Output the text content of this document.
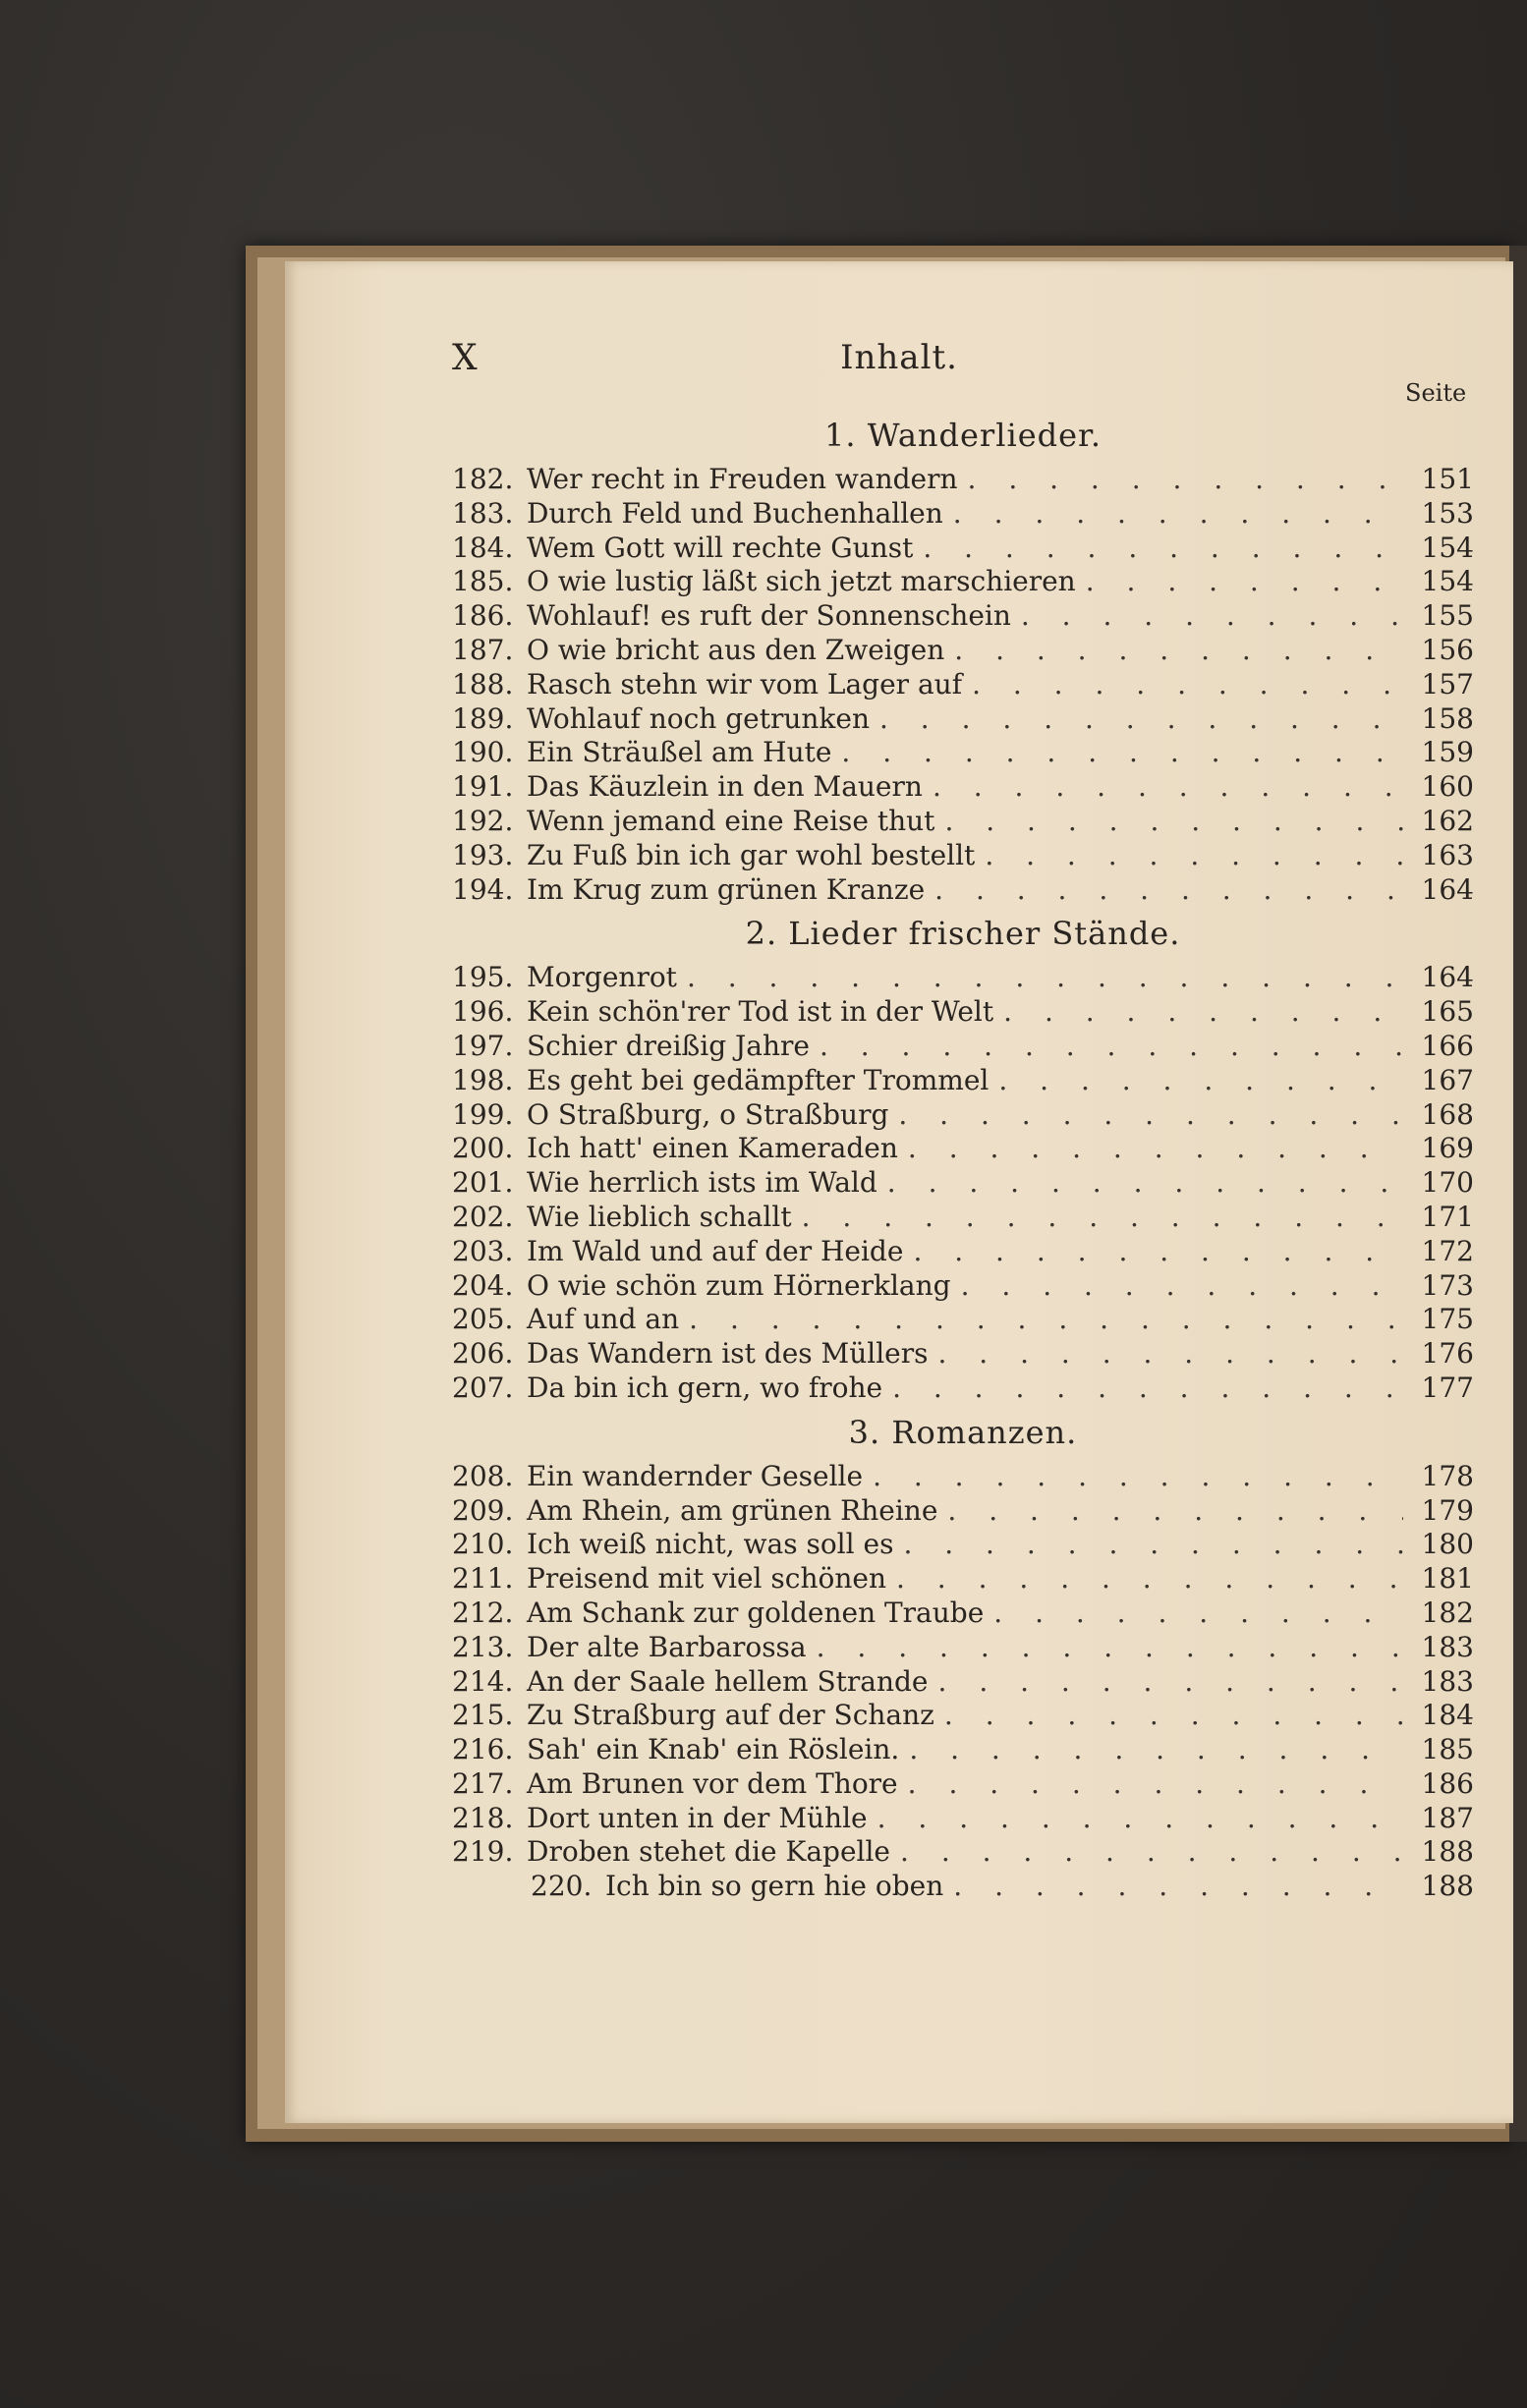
Inhalt.
X
Seite
1. Wanderlieder.
182. Wer recht in Freuden wandern . . .	151
183. Durch Feld und Buchenhallen . . .	153
184. Wem Gott will rechte Gunst . . .	154
185. O wie lustig läßt sich jetzt marschieren . . .	154
186. Wohlauf! es ruft der Sonnenschein . . .	155
187. O wie bricht aus den Zweigen . . .	156
188. Rasch stehn wir vom Lager auf . . .	157
189. Wohlauf noch getrunken . . .	158
190. Ein Sträußel am Hute . . .	159
191. Das Käuzlein in den Mauern . . .	160
192. Wenn jemand eine Reise thut . . .	162
193. Zu Fuß bin ich gar wohl bestellt . . .	163
194. Im Krug zum grünen Kranze . . .	164
2. Lieder frischer Stände.
195. Morgenrot . . .	164
196. Kein schön'rer Tod ist in der Welt . . .	165
197. Schier dreißig Jahre . . .	166
198. Es geht bei gedämpfter Trommel . . .	167
199. O Straßburg, o Straßburg . . .	168
200. Ich hatt' einen Kameraden . . .	169
201. Wie herrlich ists im Wald . . .	170
202. Wie lieblich schallt . . .	171
203. Im Wald und auf der Heide . . .	172
204. O wie schön zum Hörnerklang . . .	173
205. Auf und an . . .	175
206. Das Wandern ist des Müllers . . .	176
207. Da bin ich gern, wo frohe . . .	177
3. Romanzen.
208. Ein wandernder Geselle . . .	178
209. Am Rhein, am grünen Rheine . . .	179
210. Ich weiß nicht, was soll es . . .	180
211. Preisend mit viel schönen . . .	181
212. Am Schank zur goldenen Traube . . .	182
213. Der alte Barbarossa . . .	183
214. An der Saale hellem Strande . . .	183
215. Zu Straßburg auf der Schanz . . .	184
216. Sah' ein Knab' ein Röslein. . . .	185
217. Am Brunen vor dem Thore . . .	186
218. Dort unten in der Mühle . . .	187
219. Droben stehet die Kapelle . . .	188
220. Ich bin so gern hie oben . . .	188
